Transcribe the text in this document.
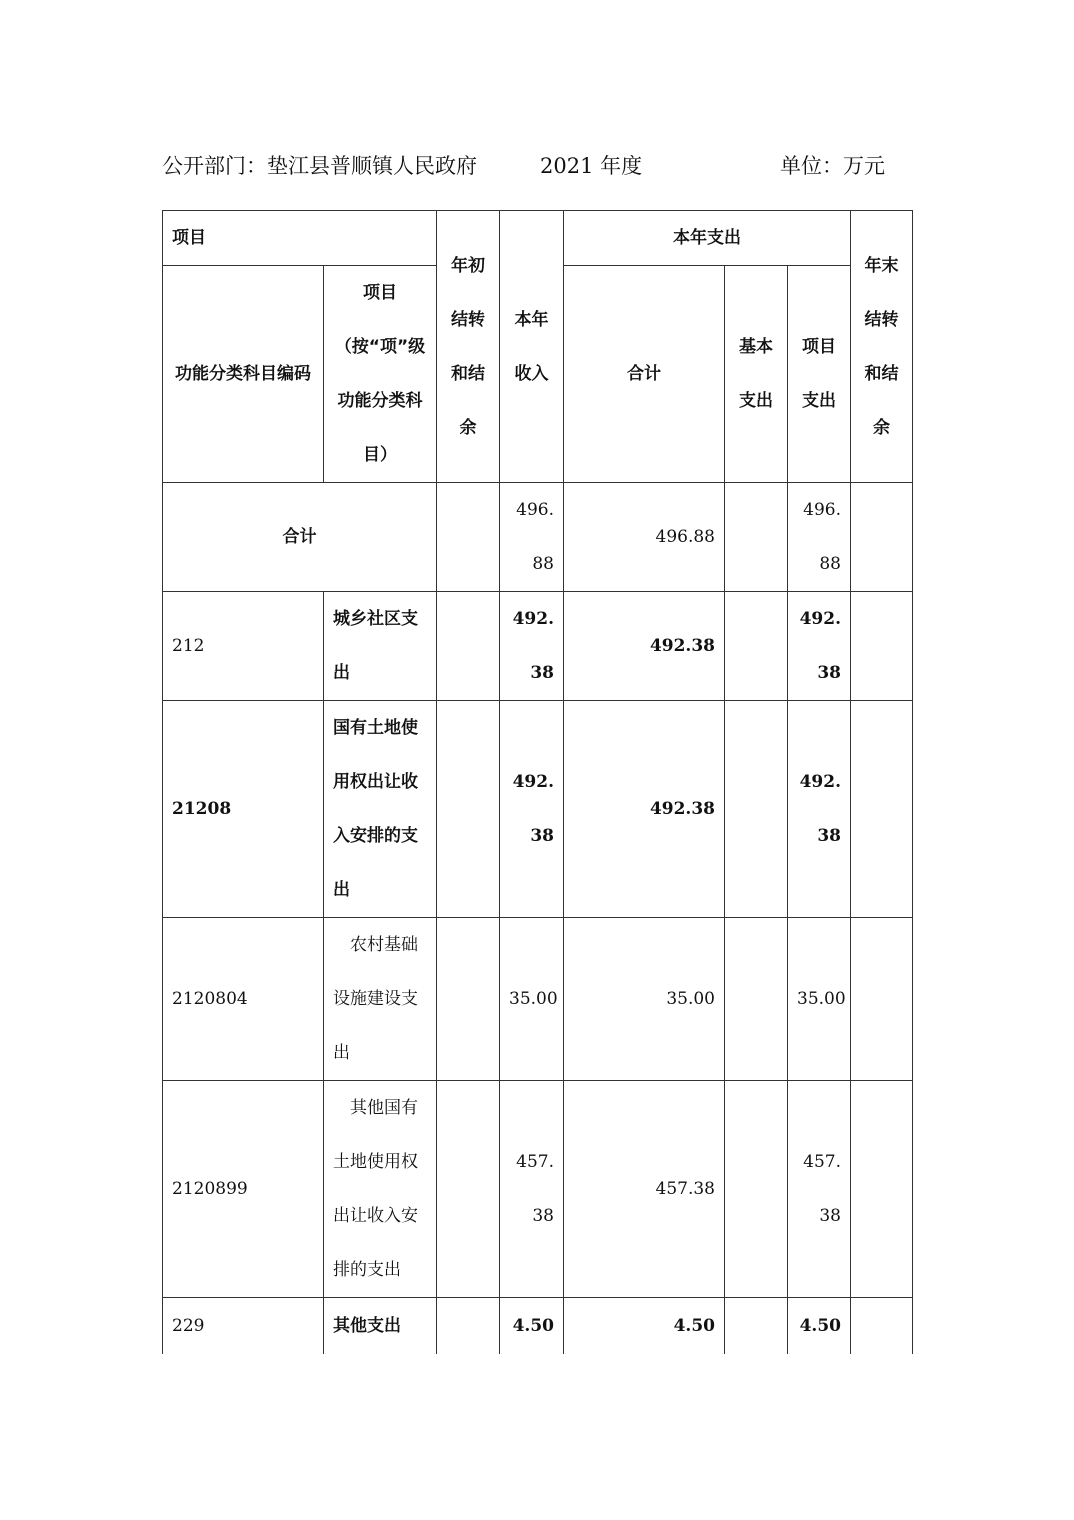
公开部门：垫江县普顺镇人民政府	2021 年度	单位：万元
项目		年初结转和结余	本年收入	本年支出			年末结转和结余
功能分类科目编码	项目（按“项”级功能分类科目）			合计	基本支出	项目支出	
合计			496.88	496.88		496.88	
212	城乡社区支出		492.38	492.38		492.38	
21208	国有土地使用权出让收入安排的支出		492.38	492.38		492.38	
2120804	农村基础设施建设支出		35.00	35.00		35.00	
2120899	其他国有土地使用权出让收入安排的支出		457.38	457.38		457.38	
229	其他支出		4.50	4.50		4.50	
